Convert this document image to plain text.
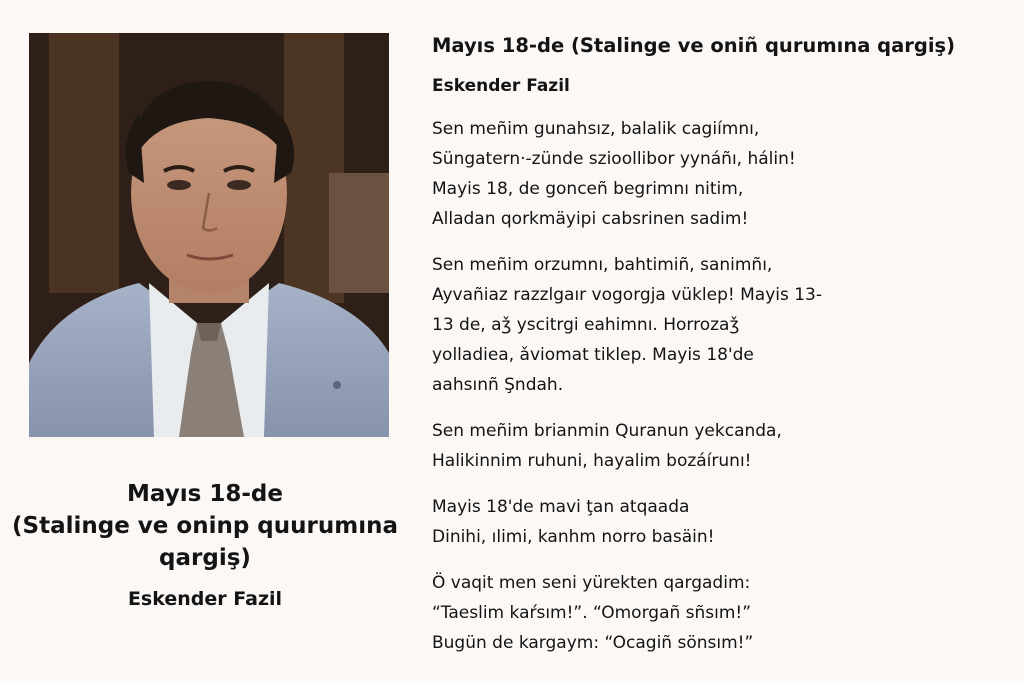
Mayıs 18-de
(Stalinge ve oninp quurumına
qargiş)

Eskender Fazil

Mayıs 18-de (Stalinge ve oniñ qurumına qargiş)

Eskender Fazil
Sen meñim gunahsız, balalik cagiímnı,
Süngatern·-zünde szioollibor yynáñı, hálin!
Mayis 18, de gonceñ begrimnı nitim,
Alladan qorkmäyipi cabsrinen sadim!
Sen meñim orzumnı, bahtimiñ, sanimñı,
Ayvañiaz razzlgaır vogorgja vükleр! Mayis 13-
13 de, aǯ yscitrgi eahimnı. Horrozaǯ
yolladiea, ǎviomat tiklep. Mayis 18'de
aahsınñ Şndah.
Sen meñim brianmin Quranun yekcanda,
Halikinnim ruhuni, hayalim bozáírunı!
Mayis 18'de mavi ţan atqaada
Dinihi, ılimi, kanhm norro basäin!
Ö vaqit men seni yürekten qargadim:
“Taeslim kaŕsım!”. “Omorgañ sñsım!”
Bugün de kargaym: “Ocagiñ sönsım!”
